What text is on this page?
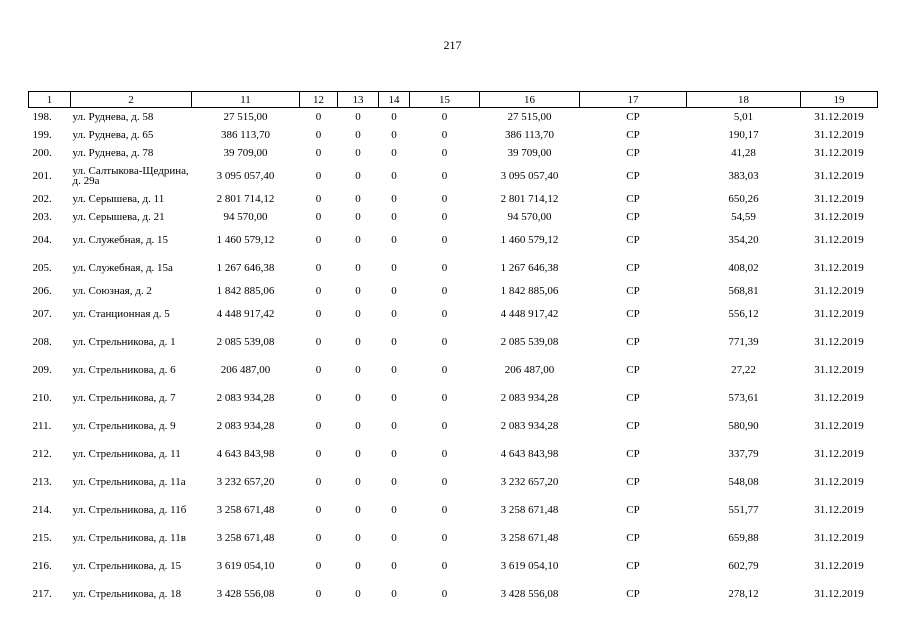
217
1	2	11	12	13	14	15	16	17	18	19
198.	ул. Руднева, д. 58	27 515,00	0	0	0	0	27 515,00	СР	5,01	31.12.2019
199.	ул. Руднева, д. 65	386 113,70	0	0	0	0	386 113,70	СР	190,17	31.12.2019
200.	ул. Руднева, д. 78	39 709,00	0	0	0	0	39 709,00	СР	41,28	31.12.2019
201.	ул. Салтыкова-Щедрина, д. 29а	3 095 057,40	0	0	0	0	3 095 057,40	СР	383,03	31.12.2019
202.	ул. Серышева, д. 11	2 801 714,12	0	0	0	0	2 801 714,12	СР	650,26	31.12.2019
203.	ул. Серышева, д. 21	94 570,00	0	0	0	0	94 570,00	СР	54,59	31.12.2019
204.	ул. Служебная, д. 15	1 460 579,12	0	0	0	0	1 460 579,12	СР	354,20	31.12.2019
205.	ул. Служебная, д. 15а	1 267 646,38	0	0	0	0	1 267 646,38	СР	408,02	31.12.2019
206.	ул. Союзная, д. 2	1 842 885,06	0	0	0	0	1 842 885,06	СР	568,81	31.12.2019
207.	ул. Станционная д. 5	4 448 917,42	0	0	0	0	4 448 917,42	СР	556,12	31.12.2019
208.	ул. Стрельникова, д. 1	2 085 539,08	0	0	0	0	2 085 539,08	СР	771,39	31.12.2019
209.	ул. Стрельникова, д. 6	206 487,00	0	0	0	0	206 487,00	СР	27,22	31.12.2019
210.	ул. Стрельникова, д. 7	2 083 934,28	0	0	0	0	2 083 934,28	СР	573,61	31.12.2019
211.	ул. Стрельникова, д. 9	2 083 934,28	0	0	0	0	2 083 934,28	СР	580,90	31.12.2019
212.	ул. Стрельникова, д. 11	4 643 843,98	0	0	0	0	4 643 843,98	СР	337,79	31.12.2019
213.	ул. Стрельникова, д. 11а	3 232 657,20	0	0	0	0	3 232 657,20	СР	548,08	31.12.2019
214.	ул. Стрельникова, д. 11б	3 258 671,48	0	0	0	0	3 258 671,48	СР	551,77	31.12.2019
215.	ул. Стрельникова, д. 11в	3 258 671,48	0	0	0	0	3 258 671,48	СР	659,88	31.12.2019
216.	ул. Стрельникова, д. 15	3 619 054,10	0	0	0	0	3 619 054,10	СР	602,79	31.12.2019
217.	ул. Стрельникова, д. 18	3 428 556,08	0	0	0	0	3 428 556,08	СР	278,12	31.12.2019
